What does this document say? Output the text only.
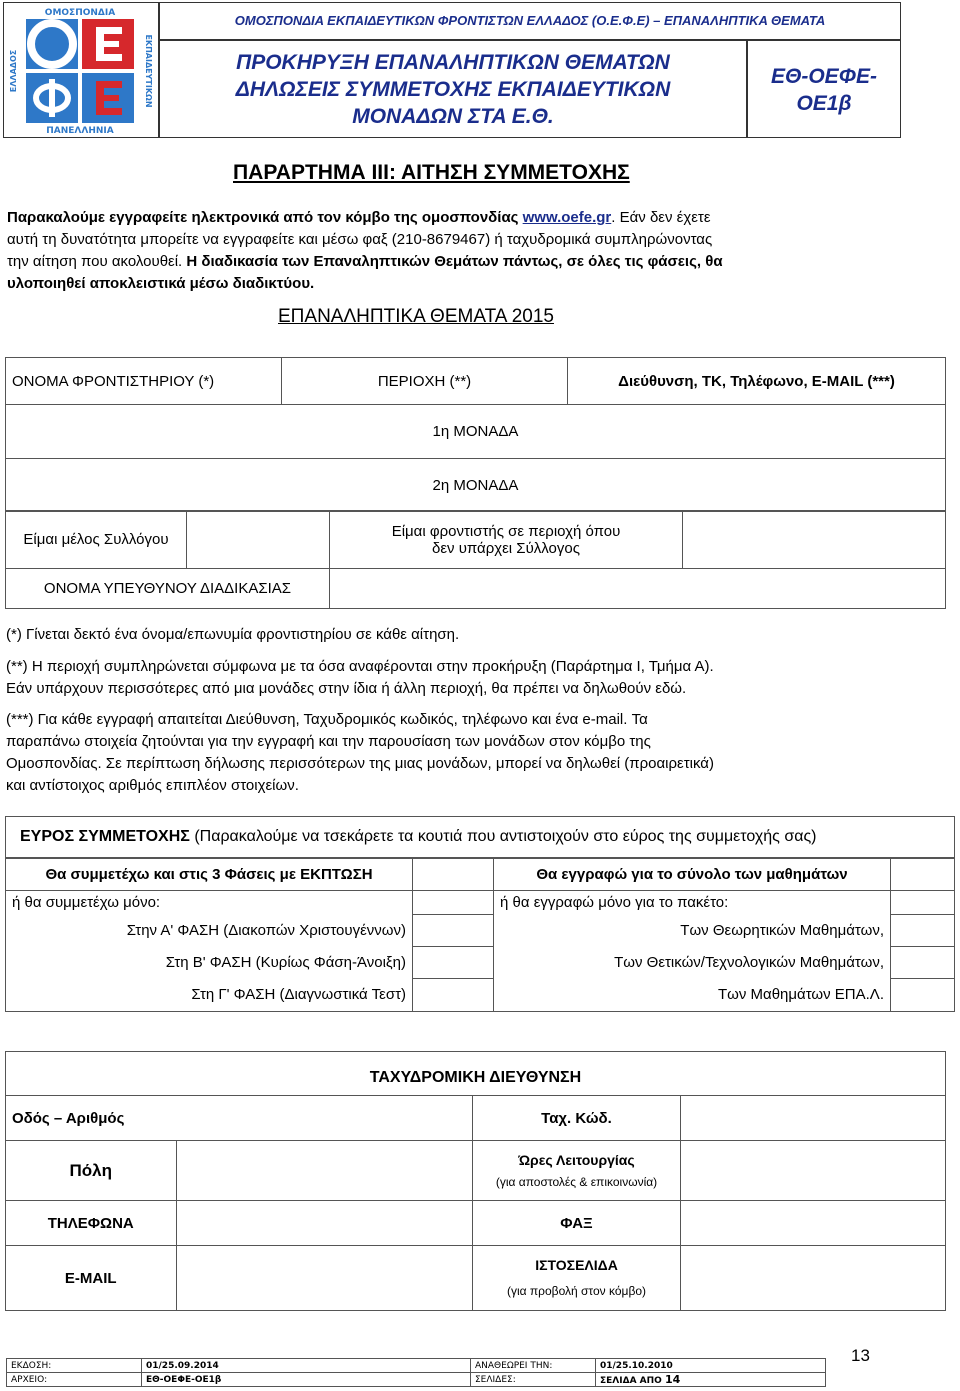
ΟΜΟΣΠΟΝΔΙΑ
ΠΑΝΕΛΛΗΝΙΑ
ΕΛΛΑΔΟΣ	ΕΚΠΑΙΔΕΥΤΙΚΩΝ
ΟΜΟΣΠΟΝΔΙΑ ΕΚΠΑΙΔΕΥΤΙΚΩΝ ΦΡΟΝΤΙΣΤΩΝ ΕΛΛΑΔΟΣ (Ο.Ε.Φ.Ε) – ΕΠΑΝΑΛΗΠΤΙΚΑ ΘΕΜΑΤΑ
ΠΡΟΚΗΡΥΞΗ ΕΠΑΝΑΛΗΠΤΙΚΩΝ ΘΕΜΑΤΩΝ
ΔΗΛΩΣΕΙΣ ΣΥΜΜΕΤΟΧΗΣ ΕΚΠΑΙΔΕΥΤΙΚΩΝ
ΜΟΝΑΔΩΝ ΣΤΑ Ε.Θ.
ΕΘ-ΟΕΦΕ-
ΟΕ1β
ΠΑΡΑΡΤΗΜΑ ΙΙΙ: ΑΙΤΗΣΗ ΣΥΜΜΕΤΟΧΗΣ

Παρακαλούμε εγγραφείτε ηλεκτρονικά από τον κόμβο της ομοσπονδίας www.oefe.gr. Εάν δεν έχετε

αυτή τη δυνατότητα μπορείτε να εγγραφείτε και μέσω φαξ (210-8679467) ή ταχυδρομικά συμπληρώνοντας

την αίτηση που ακολουθεί. Η διαδικασία των Επαναληπτικών Θεμάτων πάντως, σε όλες τις φάσεις, θα

υλοποιηθεί αποκλειστικά μέσω διαδικτύου.

ΕΠΑΝΑΛΗΠΤΙΚΑ ΘΕΜΑΤΑ 2015
ΟΝΟΜΑ ΦΡΟΝΤΙΣΤΗΡΙΟΥ (*)	ΠΕΡΙΟΧΗ (**)	Διεύθυνση, ΤΚ, Τηλέφωνο, E-MAIL (***)
1η ΜΟΝΑΔΑ
2η ΜΟΝΑΔΑ
Είμαι μέλος Συλλόγου		Είμαι φροντιστής σε περιοχή όπου
δεν υπάρχει Σύλλογος	

ΟΝΟΜΑ ΥΠΕΥΘΥΝΟΥ ΔΙΑΔΙΚΑΣΙΑΣ			

(*) Γίνεται δεκτό ένα όνομα/επωνυμία φροντιστηρίου σε κάθε αίτηση.

(**) Η περιοχή συμπληρώνεται σύμφωνα με τα όσα αναφέρονται στην προκήρυξη (Παράρτημα Ι, Τμήμα Α).

Εάν υπάρχουν περισσότερες από μια μονάδες στην ίδια ή άλλη περιοχή, θα πρέπει να δηλωθούν εδώ.

(***) Για κάθε εγγραφή απαιτείται Διεύθυνση, Ταχυδρομικός κωδικός, τηλέφωνο και ένα e-mail. Τα

παραπάνω στοιχεία ζητούνται για την εγγραφή και την παρουσίαση των μονάδων στον κόμβο της

Ομοσπονδίας. Σε περίπτωση δήλωσης περισσότερων της μιας μονάδων, μπορεί να δηλωθεί (προαιρετικά)

και αντίστοιχος αριθμός επιπλέον στοιχείων.

ΕΥΡΟΣ ΣΥΜΜΕΤΟΧΗΣ (Παρακαλούμε να τσεκάρετε τα κουτιά που αντιστοιχούν στο εύρος της συμμετοχής σας)
Θα συμμετέχω και στις 3 Φάσεις με ΕΚΠΤΩΣΗ		Θα εγγραφώ για το σύνολο των μαθημάτων	
ή θα συμμετέχω μόνο:		ή θα εγγραφώ μόνο για το πακέτο:	
Στην Α' ΦΑΣΗ (Διακοπών Χριστουγέννων)		Των Θεωρητικών Μαθημάτων,	
Στη Β' ΦΑΣΗ (Κυρίως Φάση-Άνοιξη)		Των Θετικών/Τεχνολογικών Μαθημάτων,	
Στη Γ' ΦΑΣΗ (Διαγνωστικά Τεστ)		Των Μαθημάτων ΕΠΑ.Λ.	
ΤΑΧΥΔΡΟΜΙΚΗ ΔΙΕΥΘΥΝΣΗ			
Οδός – Αριθμός		Ταχ. Κώδ.	
Πόλη		Ώρες Λειτουργίας
(για αποστολές & επικοινωνία)	

ΤΗΛΕΦΩΝΑ		ΦΑΞ	
E-MAIL		ΙΣΤΟΣΕΛΙΔΑ
(για προβολή στον κόμβο)	

ΕΚΔΟΣΗ:	01/25.09.2014	ΑΝΑΘΕΩΡΕΙ ΤΗΝ:	01/25.10.2010
ΑΡΧΕΙΟ:	ΕΘ-ΟΕΦΕ-ΟΕ1β	ΣΕΛΙΔΕΣ:	ΣΕΛΙΔΑ ΑΠΟ 14
13
